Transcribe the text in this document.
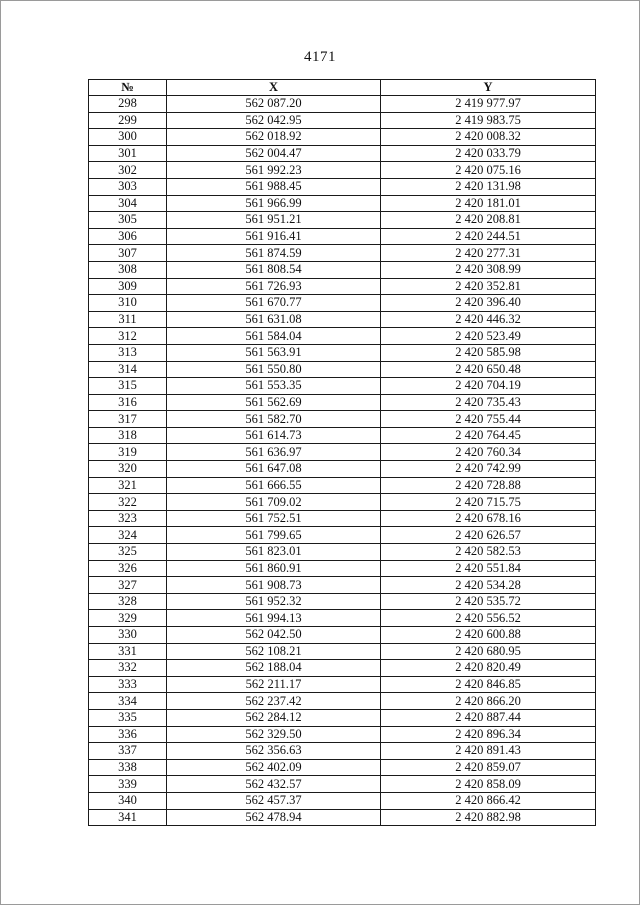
4171
№	X	Y
298	562 087.20	2 419 977.97
299	562 042.95	2 419 983.75
300	562 018.92	2 420 008.32
301	562 004.47	2 420 033.79
302	561 992.23	2 420 075.16
303	561 988.45	2 420 131.98
304	561 966.99	2 420 181.01
305	561 951.21	2 420 208.81
306	561 916.41	2 420 244.51
307	561 874.59	2 420 277.31
308	561 808.54	2 420 308.99
309	561 726.93	2 420 352.81
310	561 670.77	2 420 396.40
311	561 631.08	2 420 446.32
312	561 584.04	2 420 523.49
313	561 563.91	2 420 585.98
314	561 550.80	2 420 650.48
315	561 553.35	2 420 704.19
316	561 562.69	2 420 735.43
317	561 582.70	2 420 755.44
318	561 614.73	2 420 764.45
319	561 636.97	2 420 760.34
320	561 647.08	2 420 742.99
321	561 666.55	2 420 728.88
322	561 709.02	2 420 715.75
323	561 752.51	2 420 678.16
324	561 799.65	2 420 626.57
325	561 823.01	2 420 582.53
326	561 860.91	2 420 551.84
327	561 908.73	2 420 534.28
328	561 952.32	2 420 535.72
329	561 994.13	2 420 556.52
330	562 042.50	2 420 600.88
331	562 108.21	2 420 680.95
332	562 188.04	2 420 820.49
333	562 211.17	2 420 846.85
334	562 237.42	2 420 866.20
335	562 284.12	2 420 887.44
336	562 329.50	2 420 896.34
337	562 356.63	2 420 891.43
338	562 402.09	2 420 859.07
339	562 432.57	2 420 858.09
340	562 457.37	2 420 866.42
341	562 478.94	2 420 882.98
